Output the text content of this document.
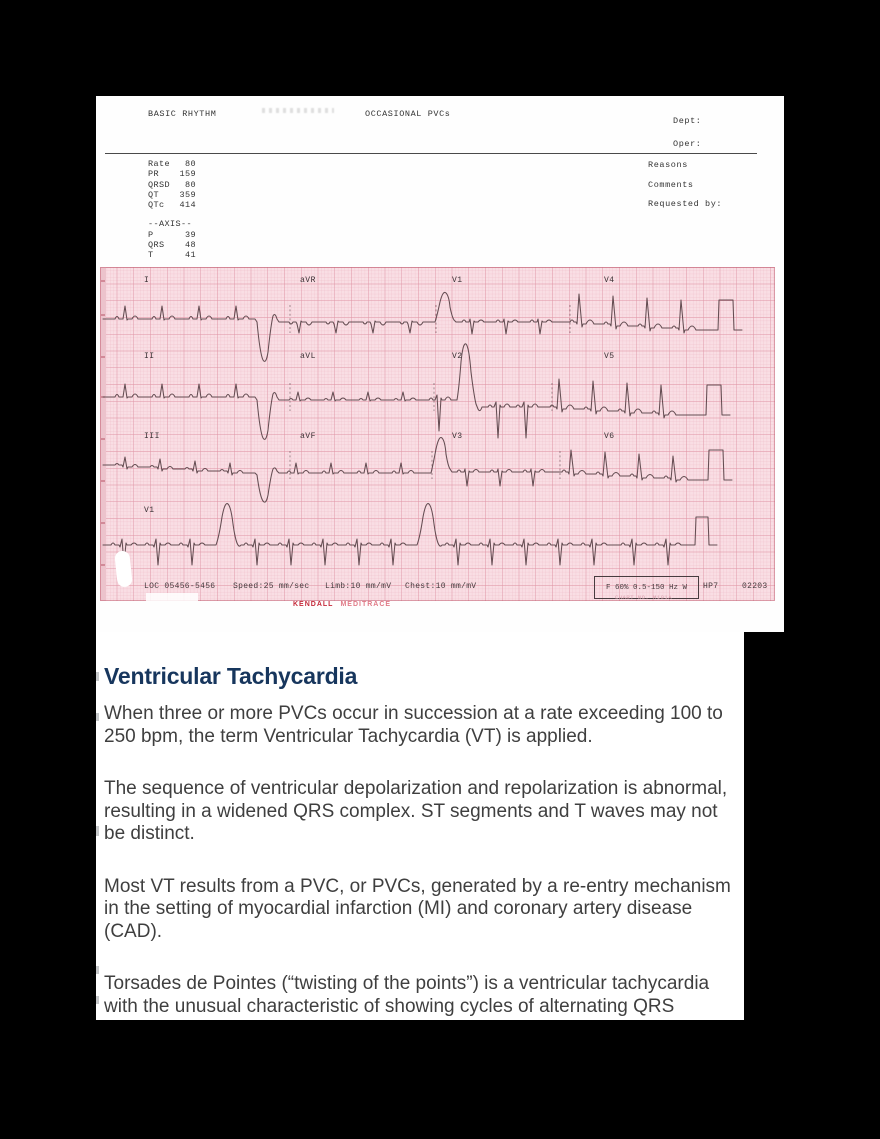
BASIC RHYTHM	OCCASIONAL PVCs
Dept:
Oper:
Reasons
Comments
Requested by:
Rate 80
PR 159
QRSD 80
QT 359
QTc 414
--AXIS--
P	39
QRS 48
T	41
I	aVR	V1	V4
II	aVL	V2	V5
III	aVF	V3	V6
V1
LOC 05456-5456 Speed:25 mm/sec Limb:10 mm/mV Chest:10 mm/mV	F 60% 0.5-150 Hz W HP7	02203
KENDALL MEDITRACE
CHART NO. M101A
Ventricular Tachycardia

When three or more PVCs occur in succession at a rate exceeding 100 to 250 bpm, the term Ventricular Tachycardia (VT) is applied.

The sequence of ventricular depolarization and repolarization is abnormal, resulting in a widened QRS complex. ST segments and T waves may not be distinct.

Most VT results from a PVC, or PVCs, generated by a re-entry mechanism in the setting of myocardial infarction (MI) and coronary artery disease (CAD).

Torsades de Pointes (“twisting of the points”) is a ventricular tachycardia with the unusual characteristic of showing cycles of alternating QRS
